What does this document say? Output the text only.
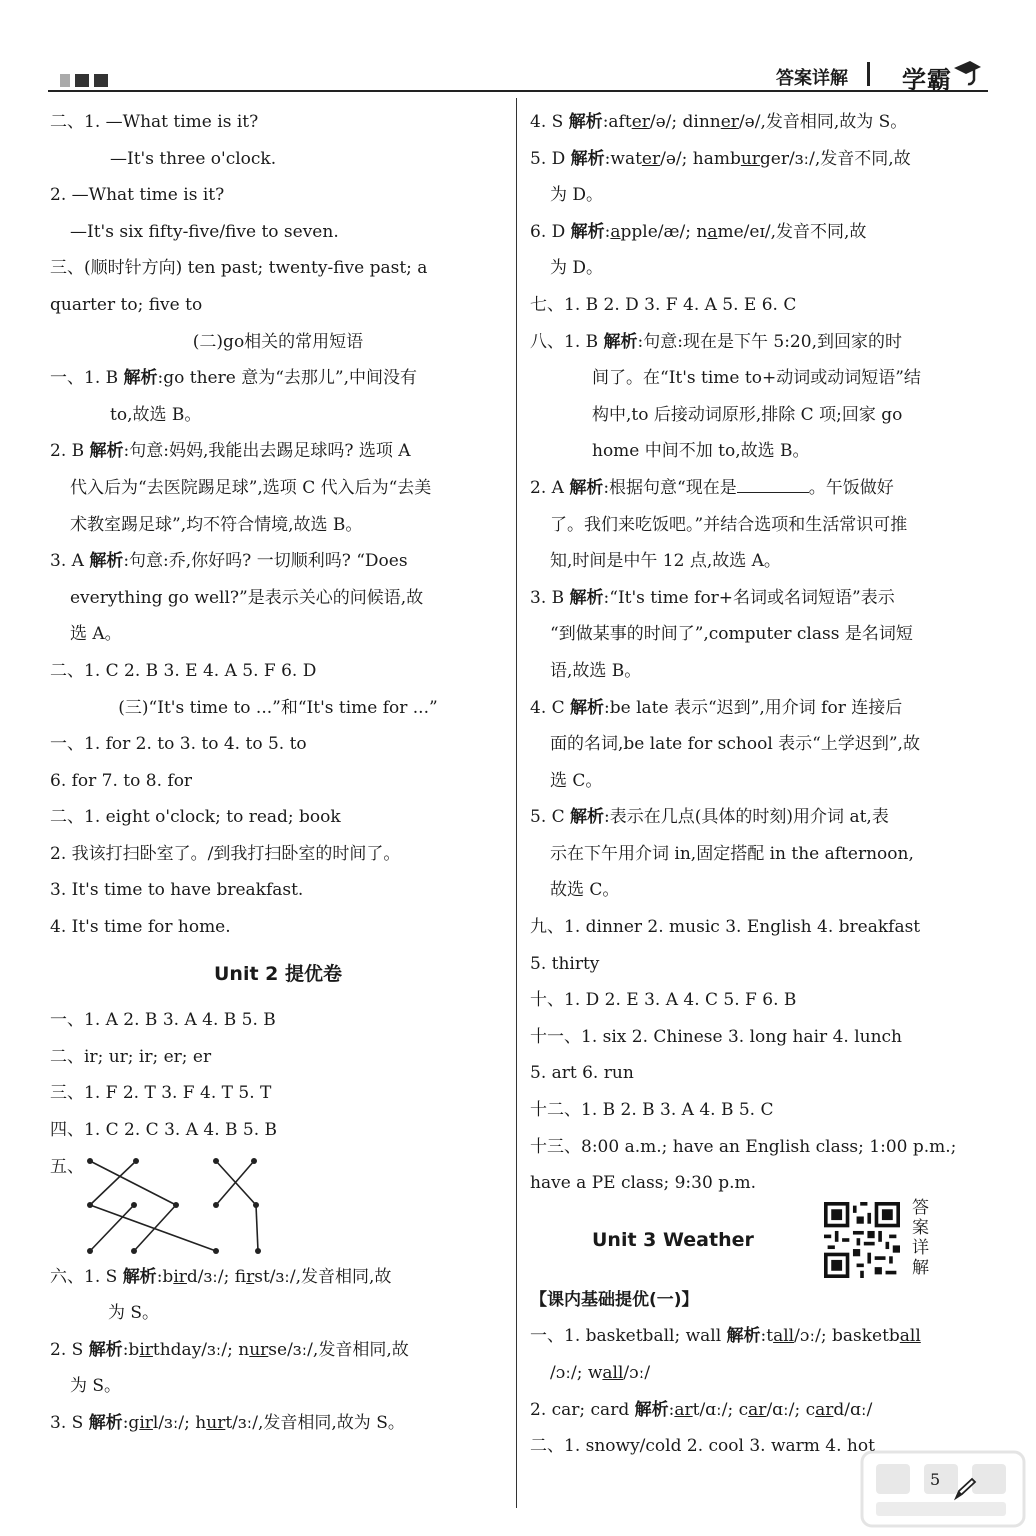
答案详解 学霸
二、1. —What time is it?
—It's three o'clock.
2. —What time is it?
—It's six fifty-five/five to seven.
三、(顺时针方向) ten past; twenty-five past; a
quarter to; five to
(二)go相关的常用短语
一、1. B 解析:go there 意为“去那儿”,中间没有
to,故选 B。
2. B 解析:句意:妈妈,我能出去踢足球吗? 选项 A
代入后为“去医院踢足球”,选项 C 代入后为“去美
术教室踢足球”,均不符合情境,故选 B。
3. A 解析:句意:乔,你好吗? 一切顺利吗? “Does
everything go well?”是表示关心的问候语,故
选 A。
二、1. C 2. B 3. E 4. A 5. F 6. D
(三)“It's time to ...”和“It's time for ...”
一、1. for 2. to 3. to 4. to 5. to
6. for 7. to 8. for
二、1. eight o'clock; to read; book
2. 我该打扫卧室了。/到我打扫卧室的时间了。
3. It's time to have breakfast.
4. It's time for home.
Unit 2 提优卷
一、1. A 2. B 3. A 4. B 5. B
二、ir; ur; ir; er; er
三、1. F 2. T 3. F 4. T 5. T
四、1. C 2. C 3. A 4. B 5. B
五、
六、1. S 解析:bird/ɜː/; first/ɜː/,发音相同,故
为 S。
2. S 解析:birthday/ɜː/; nurse/ɜː/,发音相同,故
为 S。
3. S 解析:girl/ɜː/; hurt/ɜː/,发音相同,故为 S。
4. S 解析:after/ə/; dinner/ə/,发音相同,故为 S。
5. D 解析:water/ə/; hamburger/ɜː/,发音不同,故
为 D。
6. D 解析:apple/æ/; name/eɪ/,发音不同,故
为 D。
七、1. B 2. D 3. F 4. A 5. E 6. C
八、1. B 解析:句意:现在是下午 5:20,到回家的时
间了。在“It's time to+动词或动词短语”结
构中,to 后接动词原形,排除 C 项;回家 go
home 中间不加 to,故选 B。
2. A 解析:根据句意“现在是	。午饭做好
了。我们来吃饭吧。”并结合选项和生活常识可推
知,时间是中午 12 点,故选 A。
3. B 解析:“It's time for+名词或名词短语”表示
“到做某事的时间了”,computer class 是名词短
语,故选 B。
4. C 解析:be late 表示“迟到”,用介词 for 连接后
面的名词,be late for school 表示“上学迟到”,故
选 C。
5. C 解析:表示在几点(具体的时刻)用介词 at,表
示在下午用介词 in,固定搭配 in the afternoon,
故选 C。
九、1. dinner 2. music 3. English 4. breakfast
5. thirty
十、1. D 2. E 3. A 4. C 5. F 6. B
十一、1. six 2. Chinese 3. long hair 4. lunch
5. art 6. run
十二、1. B 2. B 3. A 4. B 5. C
十三、8:00 a.m.; have an English class; 1:00 p.m.;
have a PE class; 9:30 p.m.
Unit 3 Weather
答案详解
【课内基础提优(一)】
一、1. basketball; wall 解析:tall/ɔː/; basketball
/ɔː/; wall/ɔː/
2. car; card 解析:art/ɑː/; car/ɑː/; card/ɑː/
二、1. snowy/cold 2. cool 3. warm 4. hot
5
